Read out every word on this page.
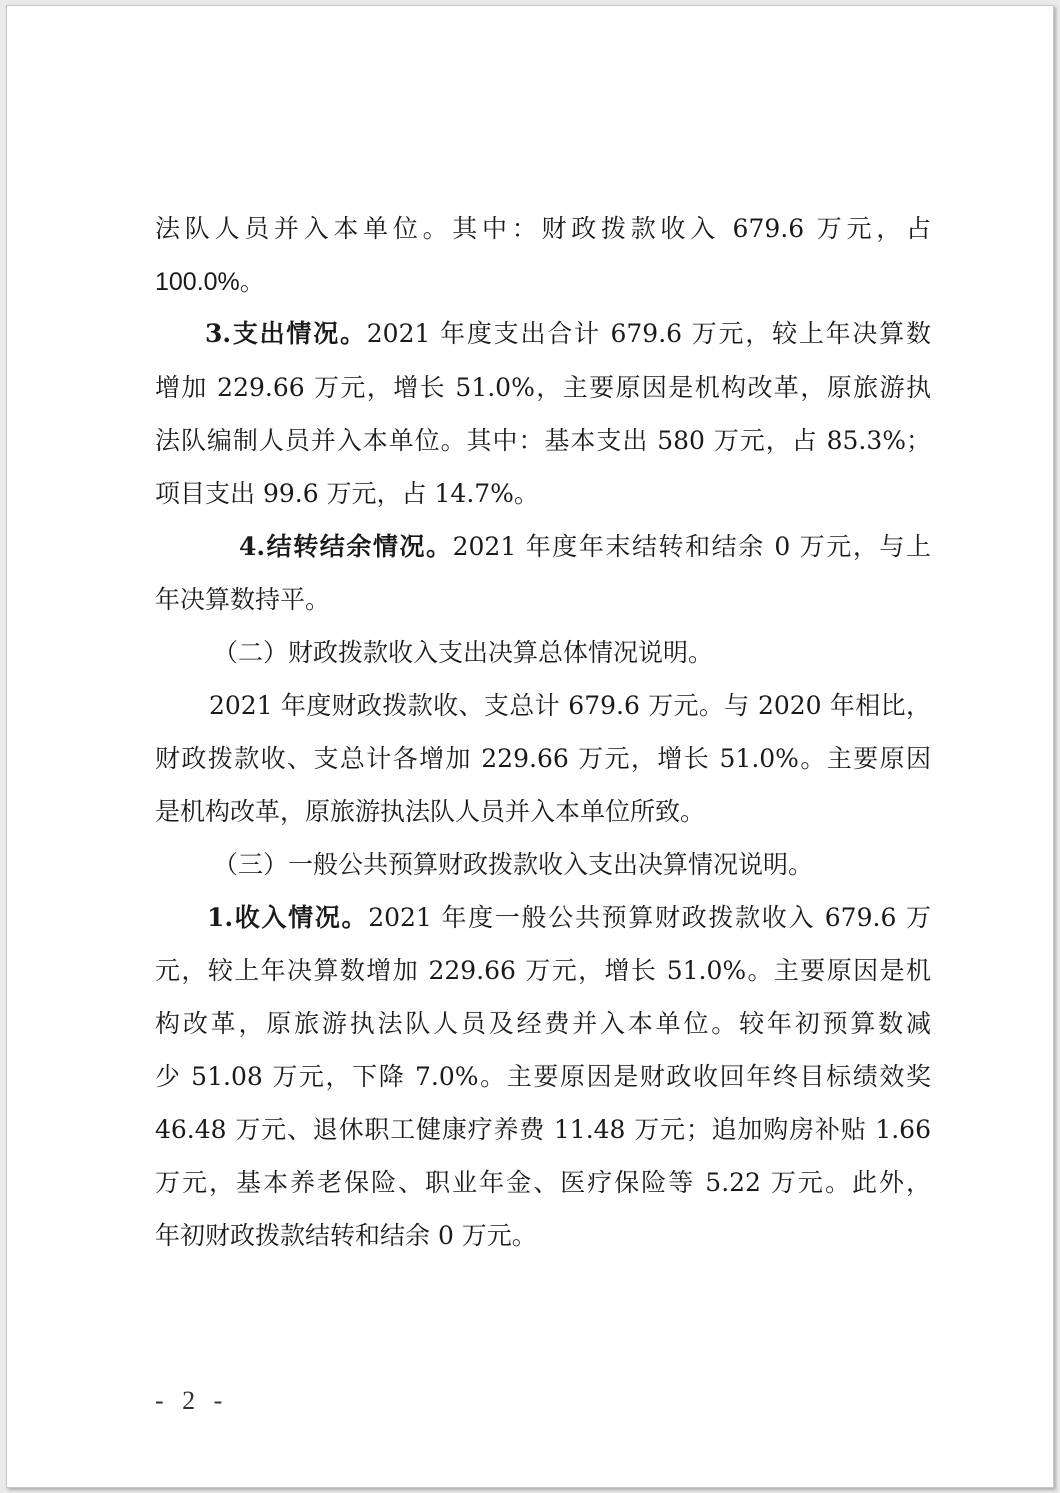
法队人员并入本单位。其中：财政拨款收入 679.6 万元，占

100.0%。

3.支出情况。2021 年度支出合计 679.6 万元，较上年决算数

增加 229.66 万元，增长 51.0%，主要原因是机构改革，原旅游执

法队编制人员并入本单位。其中：基本支出 580 万元，占 85.3%；

项目支出 99.6 万元，占 14.7%。

4.结转结余情况。2021 年度年末结转和结余 0 万元，与上

年决算数持平。

（二）财政拨款收入支出决算总体情况说明。

2021 年度财政拨款收、支总计 679.6 万元。与 2020 年相比，

财政拨款收、支总计各增加 229.66 万元，增长 51.0%。主要原因

是机构改革，原旅游执法队人员并入本单位所致。

（三）一般公共预算财政拨款收入支出决算情况说明。

1.收入情况。2021 年度一般公共预算财政拨款收入 679.6 万

元，较上年决算数增加 229.66 万元，增长 51.0%。主要原因是机

构改革，原旅游执法队人员及经费并入本单位。较年初预算数减

少 51.08 万元，下降 7.0%。主要原因是财政收回年终目标绩效奖

46.48 万元、退休职工健康疗养费 11.48 万元；追加购房补贴 1.66

万元，基本养老保险、职业年金、医疗保险等 5.22 万元。此外，

年初财政拨款结转和结余 0 万元。

- 2 -
